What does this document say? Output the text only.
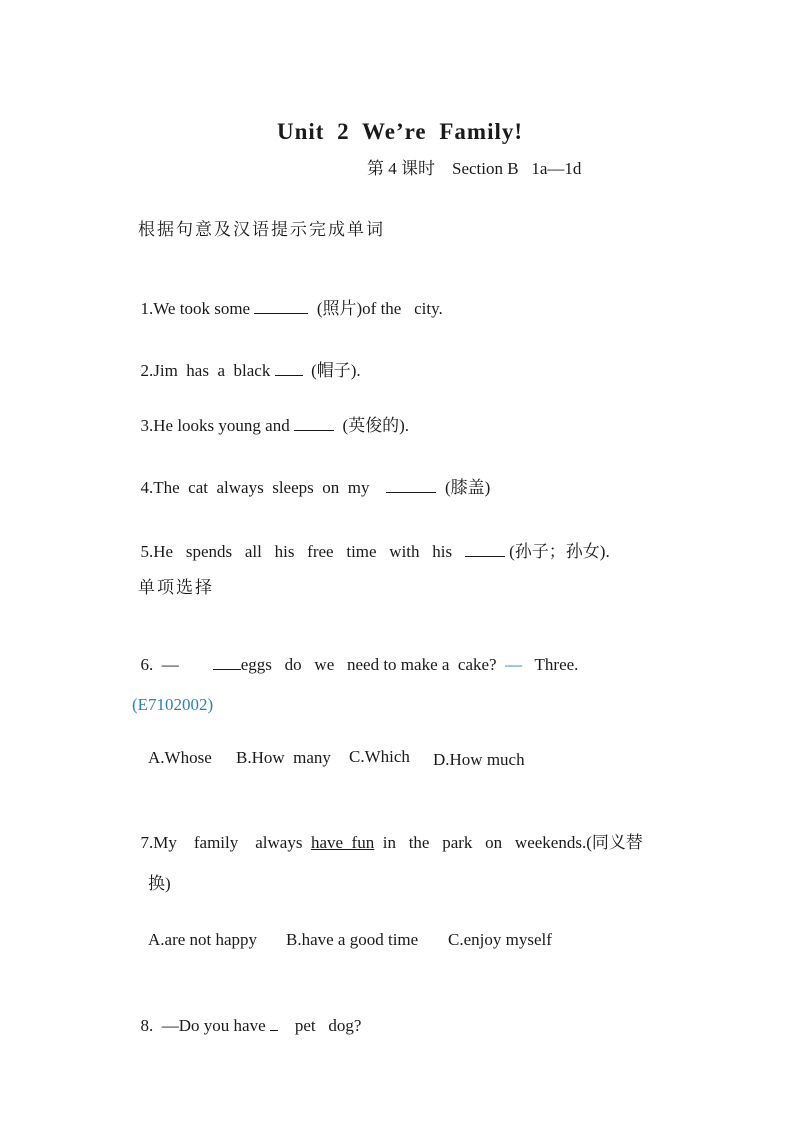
Unit 2 We’re Family!
第 4 课时    Section B   1a—1d
根据句意及汉语提示完成单词

1.We took some	(照片)of the   city.

2.Jim  has  a  black   (帽子).

3.He looks young and	(英俊的).

4.The  cat  always  sleeps  on  my	(膝盖)

5.He   spends   all   his   free   time   with   his	(孙子；孙女).

单项选择

6.  —	eggs   do   we   need to make a  cake? — Three.

(E7102002)
A.Whose B.How  many C.Which D.How much

7.My    family    always  have  fun  in   the   park   on   weekends.(同义替

换)
A.are not happy B.have a good time C.enjoy myself

8.  —Do you have     pet   dog?
